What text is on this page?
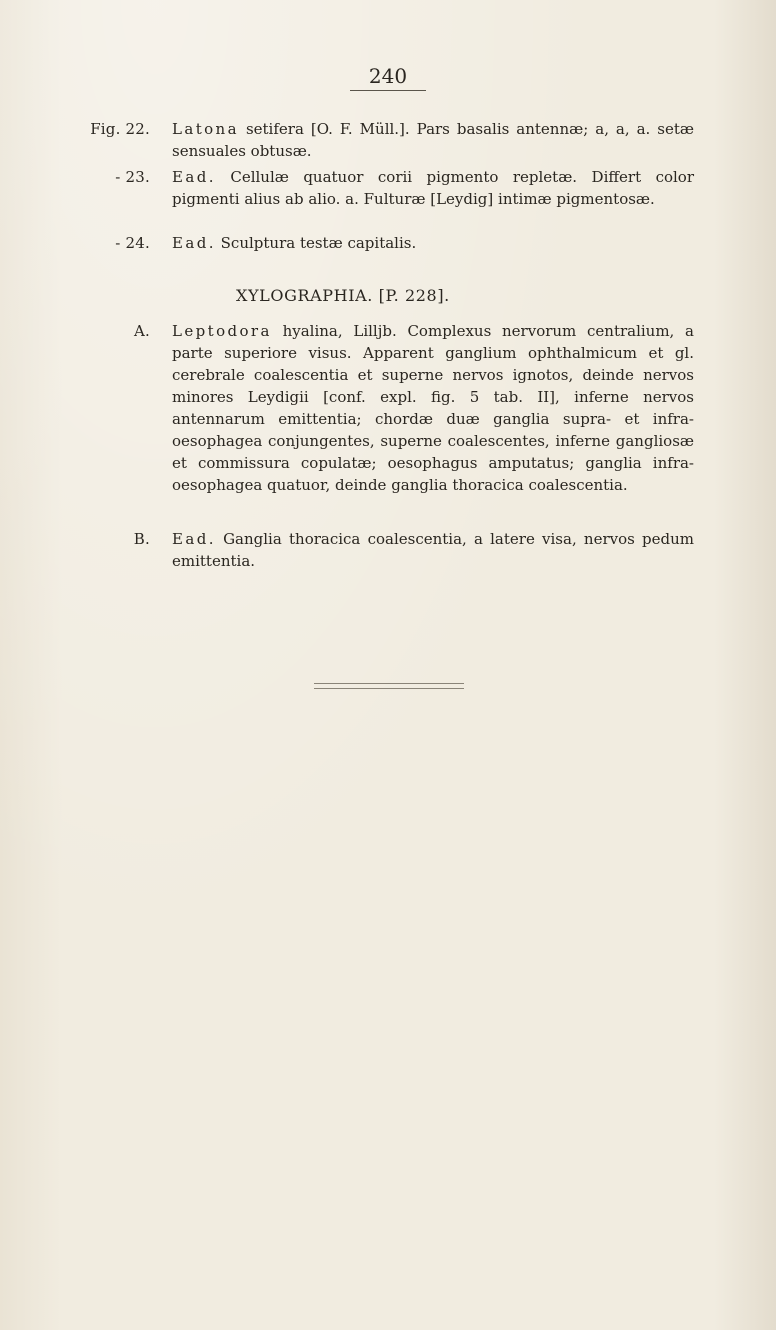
240
Fig. 22. Latona setifera [O. F. Müll.]. Pars basalis antennæ; a, a, a. setæ sensuales obtusæ.
- 23. Ead. Cellulæ quatuor corii pigmento repletæ. Differt color pigmenti alius ab alio. a. Fulturæ [Leydig] intimæ pigmentosæ.
- 24. Ead. Sculptura testæ capitalis.
XYLOGRAPHIA. [P. 228].
A. Leptodora hyalina, Lilljb. Complexus nervorum centralium, a parte superiore visus. Apparent ganglium ophthalmicum et gl. cerebrale coalescentia et superne nervos ignotos, deinde nervos minores Leydigii [conf. expl. fig. 5 tab. II], inferne nervos antennarum emittentia; chordæ duæ ganglia supra- et infra-oesophagea conjungentes, superne coalescentes, inferne gangliosæ et commissura copulatæ; oesophagus amputatus; ganglia infra-oesophagea quatuor, deinde ganglia thoracica coalescentia.
B. Ead. Ganglia thoracica coalescentia, a latere visa, nervos pedum emittentia.
